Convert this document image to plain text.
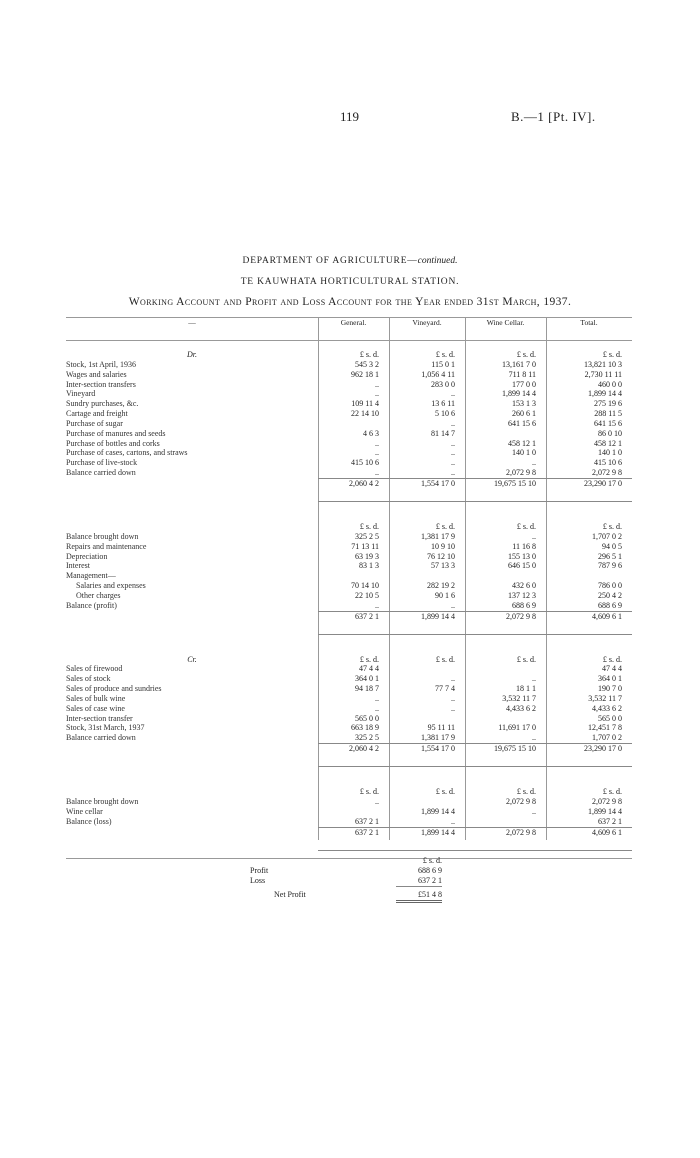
119	B.—1 [Pt. IV].
DEPARTMENT OF AGRICULTURE—continued.
TE KAUWHATA HORTICULTURAL STATION.
Working Account and Profit and Loss Account for the Year ended 31st March, 1937.
—	General.	Vineyard.	Wine Cellar.	Total.

Dr.	£ s. d.	£ s. d.	£ s. d.	£ s. d.
Stock, 1st April, 1936	545 3 2	115 0 1	13,161 7 0	13,821 10 3
Wages and salaries	962 18 1	1,056 4 11	711 8 11	2,730 11 11
Inter-section transfers	..	283 0 0	177 0 0	460 0 0
Vineyard	..	..	1,899 14 4	1,899 14 4
Sundry purchases, &c.	109 11 4	13 6 11	153 1 3	275 19 6
Cartage and freight	22 14 10	5 10 6	260 6 1	288 11 5
Purchase of sugar		..	641 15 6	641 15 6
Purchase of manures and seeds	4 6 3	81 14 7		86 0 10
Purchase of bottles and corks	..	..	458 12 1	458 12 1
Purchase of cases, cartons, and straws	..	..	140 1 0	140 1 0
Purchase of live-stock	415 10 6	..	..	415 10 6
Balance carried down	..	..	2,072 9 8	2,072 9 8
	2,060 4 2	1,554 17 0	19,675 15 10	23,290 17 0

	£ s. d.	£ s. d.	£ s. d.	£ s. d.
Balance brought down	325 2 5	1,381 17 9	..	1,707 0 2
Repairs and maintenance	71 13 11	10 9 10	11 16 8	94 0 5
Depreciation	63 19 3	76 12 10	155 13 0	296 5 1
Interest	83 1 3	57 13 3	646 15 0	787 9 6
Management—				
Salaries and expenses	70 14 10	282 19 2	432 6 0	786 0 0
Other charges	22 10 5	90 1 6	137 12 3	250 4 2
Balance (profit)	..	..	688 6 9	688 6 9
	637 2 1	1,899 14 4	2,072 9 8	4,609 6 1

Cr.	£ s. d.	£ s. d.	£ s. d.	£ s. d.
Sales of firewood	47 4 4			47 4 4
Sales of stock	364 0 1	..	..	364 0 1
Sales of produce and sundries	94 18 7	77 7 4	18 1 1	190 7 0
Sales of bulk wine	..	..	3,532 11 7	3,532 11 7
Sales of case wine	..	..	4,433 6 2	4,433 6 2
Inter-section transfer	565 0 0			565 0 0
Stock, 31st March, 1937	663 18 9	95 11 11	11,691 17 0	12,451 7 8
Balance carried down	325 2 5	1,381 17 9	..	1,707 0 2
	2,060 4 2	1,554 17 0	19,675 15 10	23,290 17 0

	£ s. d.	£ s. d.	£ s. d.	£ s. d.
Balance brought down	..		2,072 9 8	2,072 9 8
Wine cellar		1,899 14 4	..	1,899 14 4
Balance (loss)	637 2 1	..		637 2 1
	637 2 1	1,899 14 4	2,072 9 8	4,609 6 1
£ s. d.
Profit	688 6 9
Loss	637 2 1
Net Profit	£51 4 8
